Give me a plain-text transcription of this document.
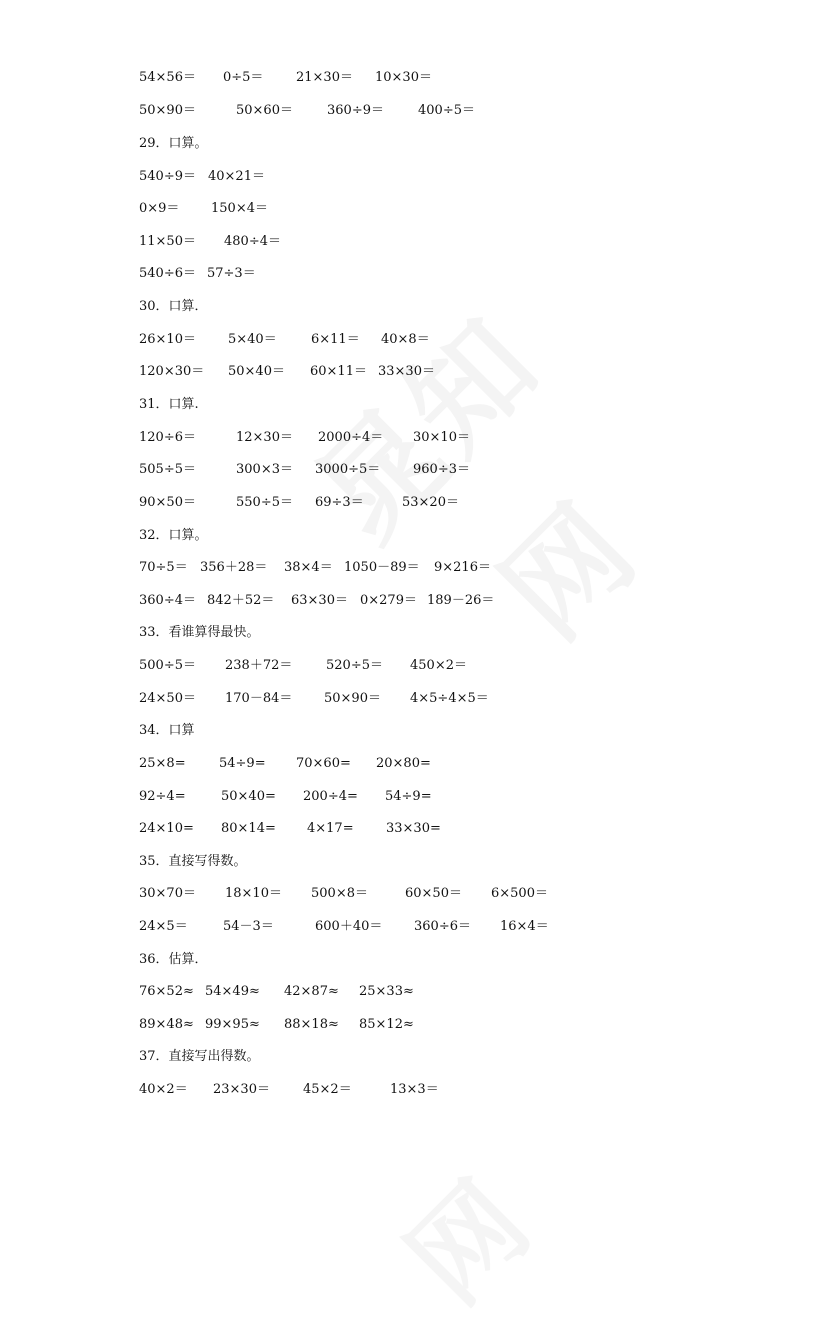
54×56＝ 0÷5＝	21×30＝ 10×30＝
50×90＝	50×60＝	360÷9＝	400÷5＝
29．口算。
540÷9＝ 40×21＝
0×9＝ 150×4＝
11×50＝ 480÷4＝
540÷6＝ 57÷3＝
30．口算．
26×10＝ 5×40＝	6×11＝ 40×8＝
120×30＝ 50×40＝ 60×11＝ 33×30＝
31．口算.
120÷6＝	12×30＝ 2000÷4＝ 30×10＝
505÷5＝	300×3＝ 3000÷5＝	960÷3＝
90×50＝	550÷5＝ 69÷3＝	53×20＝
32．口算。
70÷5＝ 356＋28＝ 38×4＝ 1050－89＝ 9×216＝
360÷4＝ 842＋52＝ 63×30＝ 0×279＝ 189－26＝
33．看谁算得最快。
500÷5＝ 238＋72＝	520÷5＝ 450×2＝
24×50＝ 170－84＝ 50×90＝ 4×5÷4×5＝
34．口算
25×8=	54÷9= 70×60= 20×80=
92÷4=	50×40= 200÷4= 54÷9=
24×10= 80×14= 4×17= 33×30=
35．直接写得数。
30×70＝ 18×10＝ 500×8＝	60×50＝ 6×500＝
24×5＝	54－3＝	600＋40＝ 360÷6＝ 16×4＝
36．估算．
76×52≈ 54×49≈ 42×87≈ 25×33≈
89×48≈ 99×95≈ 88×18≈ 85×12≈
37．直接写出得数。
40×2＝ 23×30＝	45×2＝	13×3＝
